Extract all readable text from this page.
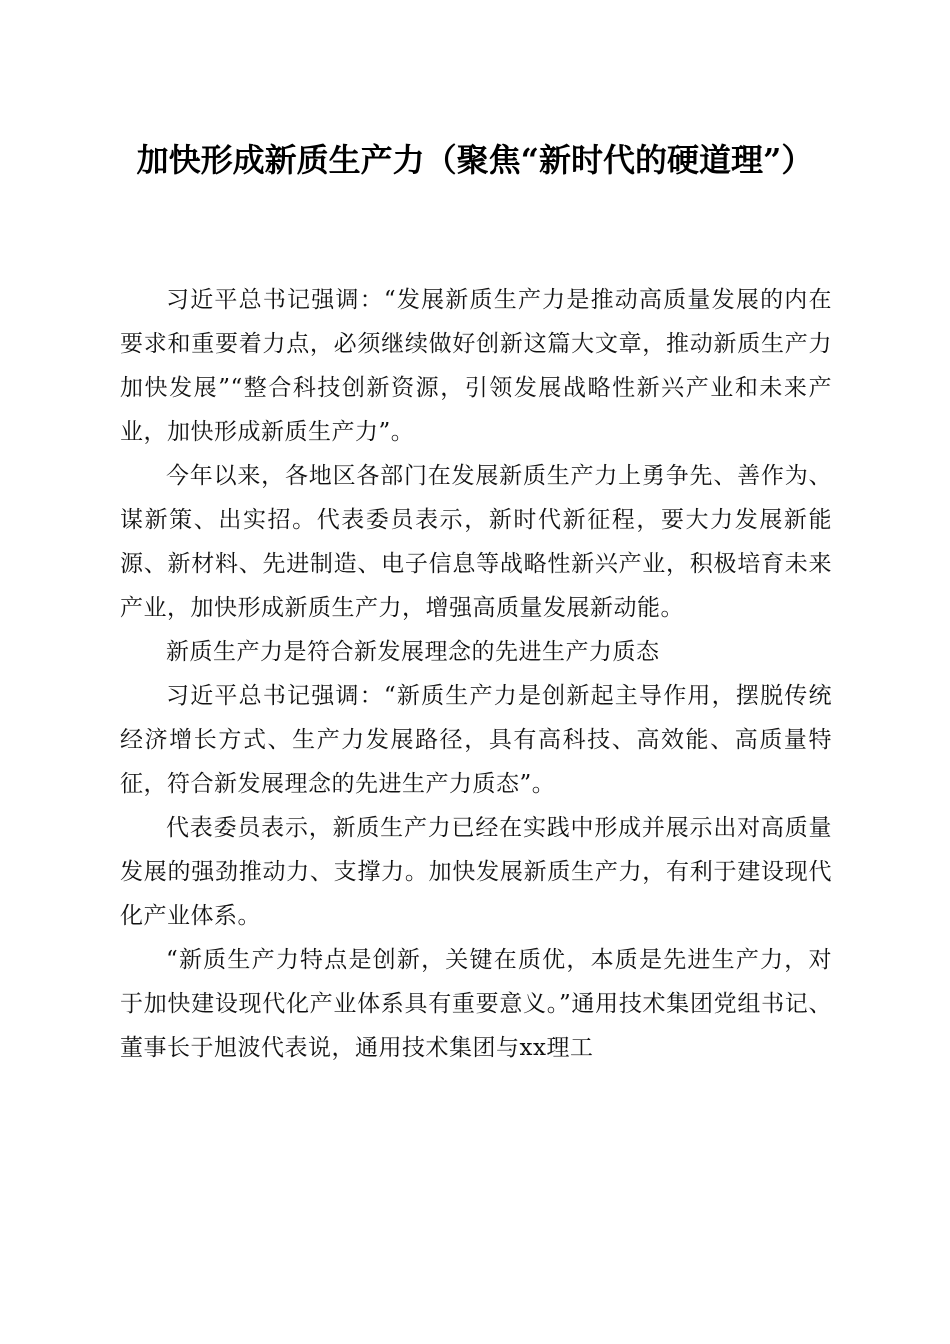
加快形成新质生产力（聚焦“新时代的硬道理”）

习近平总书记强调：“发展新质生产力是推动高质量发展的内在要求和重要着力点，必须继续做好创新这篇大文章，推动新质生产力加快发展”“整合科技创新资源，引领发展战略性新兴产业和未来产业，加快形成新质生产力”。

今年以来，各地区各部门在发展新质生产力上勇争先、善作为、谋新策、出实招。代表委员表示，新时代新征程，要大力发展新能源、新材料、先进制造、电子信息等战略性新兴产业，积极培育未来产业，加快形成新质生产力，增强高质量发展新动能。

新质生产力是符合新发展理念的先进生产力质态

习近平总书记强调：“新质生产力是创新起主导作用，摆脱传统经济增长方式、生产力发展路径，具有高科技、高效能、高质量特征，符合新发展理念的先进生产力质态”。

代表委员表示，新质生产力已经在实践中形成并展示出对高质量发展的强劲推动力、支撑力。加快发展新质生产力，有利于建设现代化产业体系。

“新质生产力特点是创新，关键在质优，本质是先进生产力，对于加快建设现代化产业体系具有重要意义。”通用技术集团党组书记、董事长于旭波代表说，通用技术集团与xx理工
